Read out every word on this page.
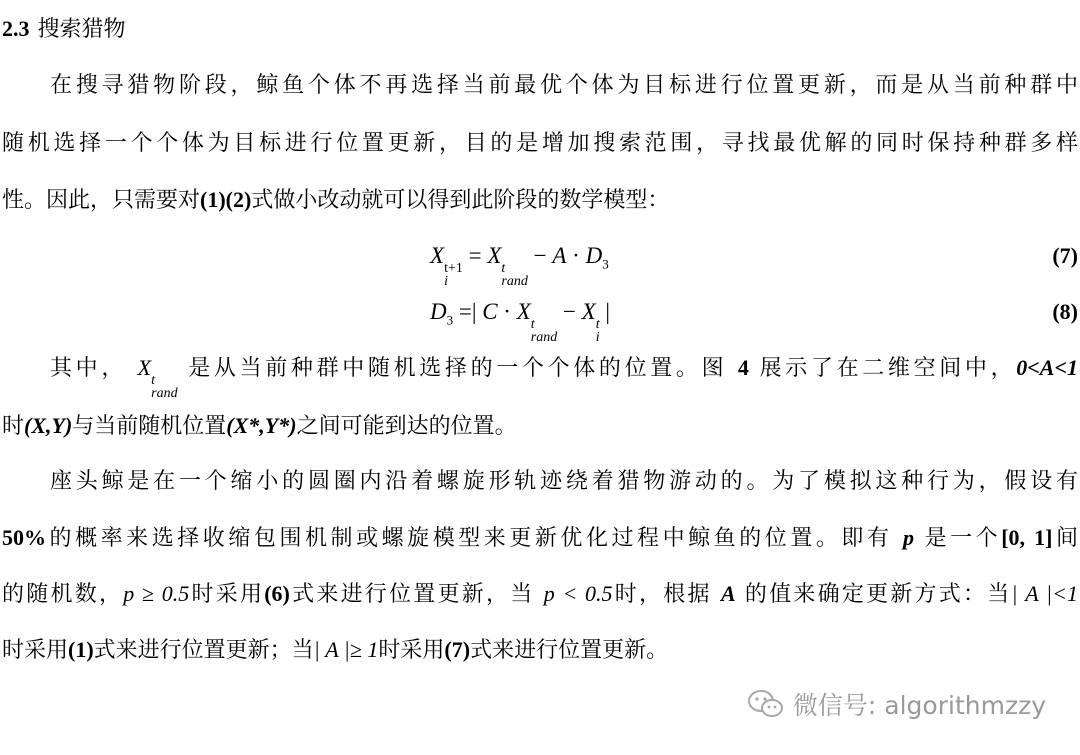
2.3 搜索猎物
在搜寻猎物阶段，鲸鱼个体不再选择当前最优个体为目标进行位置更新，而是从当前种群中
随机选择一个个体为目标进行位置更新，目的是增加搜索范围，寻找最优解的同时保持种群多样
性。因此，只需要对(1)(2)式做小改动就可以得到此阶段的数学模型：
X
t+1
i
= X
t
rand
− $A \cdot D_3$	(7)
$D_3$ =| C · X
t
rand
− X
t
i
|	(8)
其中， X
t
rand
是从当前种群中随机选择的一个个体的位置。图 4 展示了在二维空间中，0<A<1
时(X,Y)与当前随机位置(X*,Y*)之间可能到达的位置。
座头鲸是在一个缩小的圆圈内沿着螺旋形轨迹绕着猎物游动的。为了模拟这种行为，假设有
50%的概率来选择收缩包围机制或螺旋模型来更新优化过程中鲸鱼的位置。即有 p 是一个[0, 1]间
的随机数，p ≥ 0.5时采用(6)式来进行位置更新，当 p < 0.5时，根据 A 的值来确定更新方式：当| A |<1
时采用(1)式来进行位置更新；当| A |≥ 1时采用(7)式来进行位置更新。
微信号: algorithmzzy
